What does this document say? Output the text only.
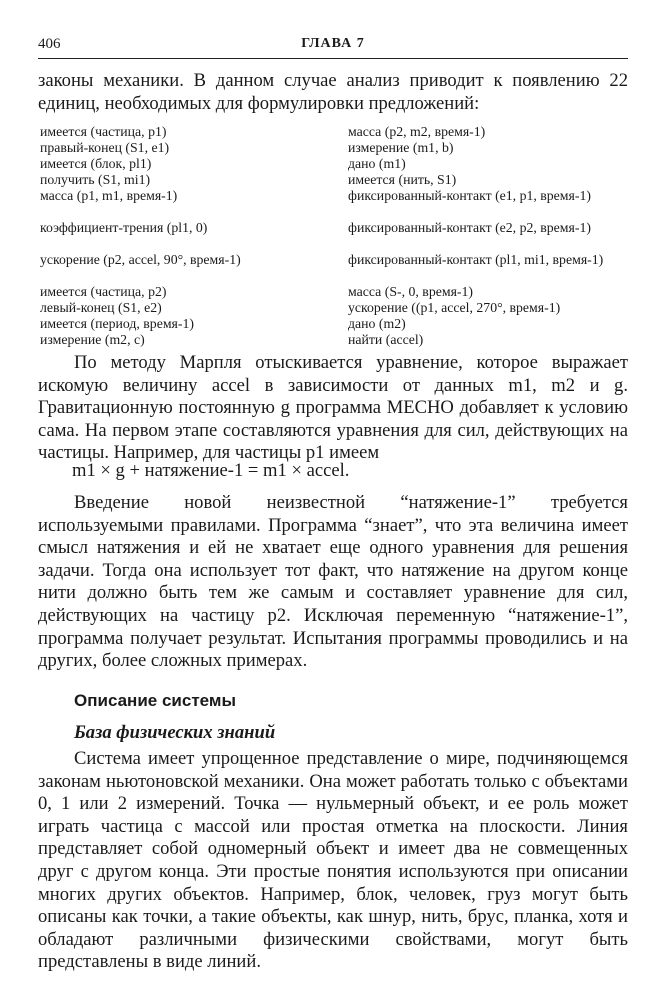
406	ГЛАВА 7

законы механики. В данном случае анализ приводит к появлению 22 единиц, необходимых для формулировки предложений:

имеется (частица, p1)
правый-конец (S1, e1)
имеется (блок, pl1)
получить (S1, mi1)
масса (p1, m1, время-1)
коэффициент-трения (pl1, 0)
ускорение (p2, accel, 90°, время-1)
имеется (частица, p2)
левый-конец (S1, e2)
имеется (период, время-1)
измерение (m2, c)
масса (p2, m2, время-1)
измерение (m1, b)
дано (m1)
имеется (нить, S1)
фиксированный-контакт (e1, p1, время-1)
фиксированный-контакт (e2, p2, время-1)
фиксированный-контакт (pl1, mi1, время-1)
масса (S-, 0, время-1)
ускорение ((p1, accel, 270°, время-1)
дано (m2)
найти (accel)

По методу Марпля отыскивается уравнение, которое выражает искомую величину accel в зависимости от данных m1, m2 и g. Гравитационную постоянную g программа МЕСНО добавляет к условию сама. На первом этапе составляются уравнения для сил, действующих на частицы. Например, для частицы p1 имеем

m1 × g + натяжение-1 = m1 × accel.

Введение новой неизвестной “натяжение-1” требуется используемыми правилами. Программа “знает”, что эта величина имеет смысл натяжения и ей не хватает еще одного уравнения для решения задачи. Тогда она использует тот факт, что натяжение на другом конце нити должно быть тем же самым и составляет уравнение для сил, действующих на частицу p2. Исключая переменную “натяжение-1”, программа получает результат. Испытания программы проводились и на других, более сложных примерах.

Описание системы
База физических знаний

Система имеет упрощенное представление о мире, подчиняющемся законам ньютоновской механики. Она может работать только с объектами 0, 1 или 2 измерений. Точка — нульмерный объект, и ее роль может играть частица с массой или простая отметка на плоскости. Линия представляет собой одномерный объект и имеет два не совмещенных друг с другом конца. Эти простые понятия используются при описании многих других объектов. Например, блок, человек, груз могут быть описаны как точки, а такие объекты, как шнур, нить, брус, планка, хотя и обладают различными физическими свойствами, могут быть представлены в виде линий.
